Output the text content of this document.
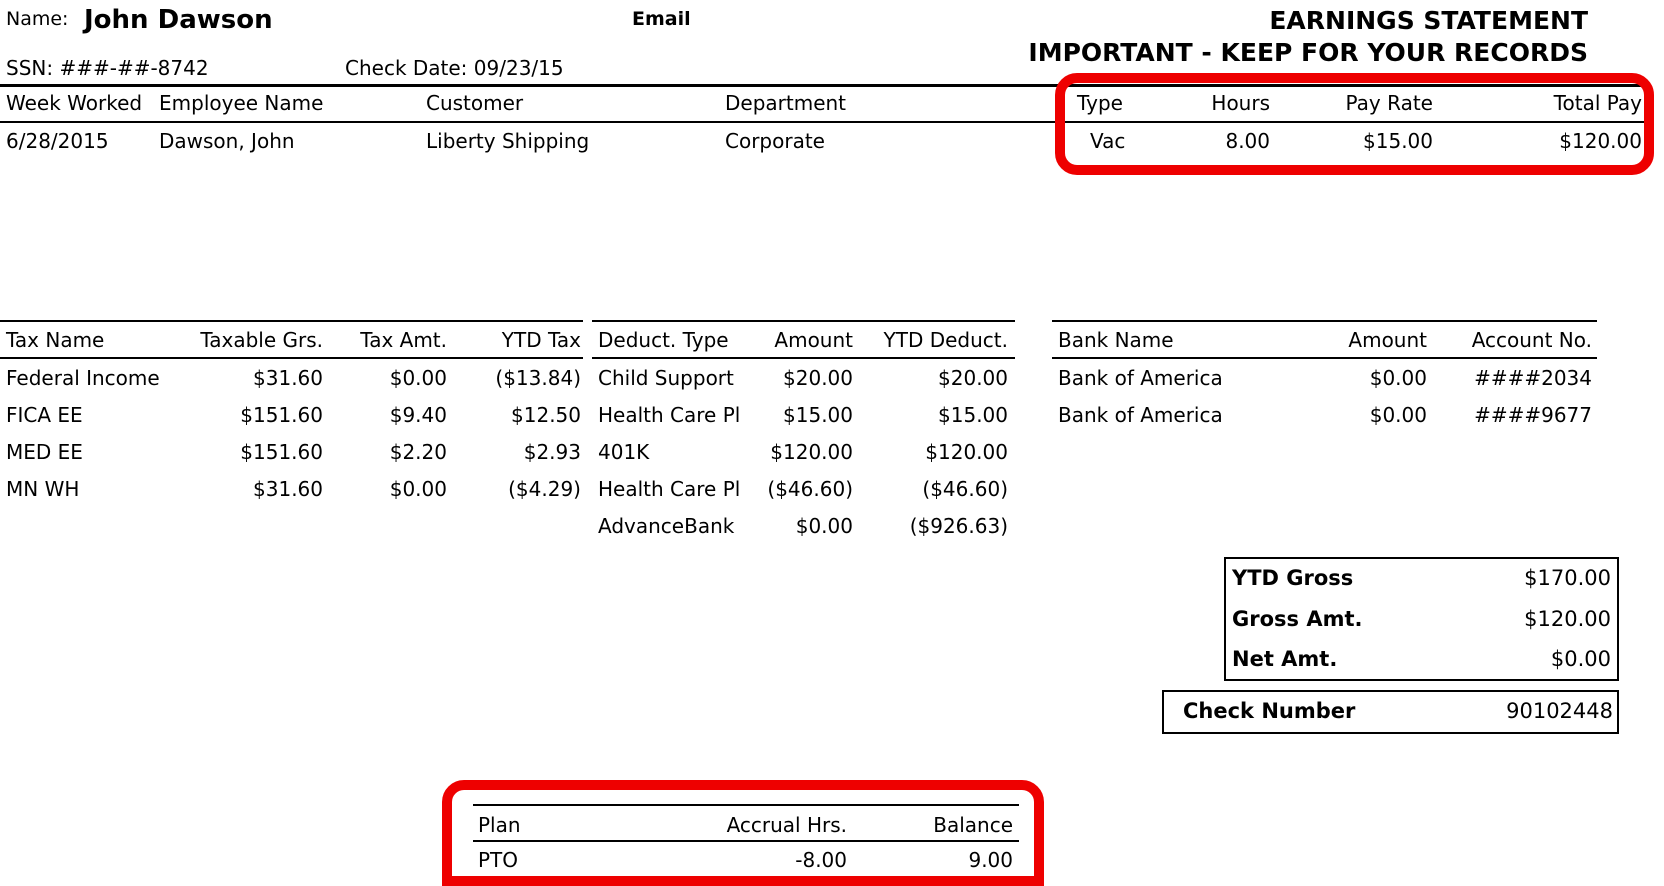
Name: John Dawson	Email	EARNINGS STATEMENT
IMPORTANT - KEEP FOR YOUR RECORDS
SSN: ###-##-8742	Check Date: 09/23/15
Week Worked Employee Name	Customer	Department
6/28/2015	Dawson, John	Liberty Shipping	Corporate
Type	Hours	Pay Rate	Total Pay
Vac	8.00	$15.00	$120.00
Tax Name	Taxable Grs. Tax Amt.	YTD Tax
Federal Income	$31.60	$0.00 ($13.84)
FICA EE	$151.60	$9.40	$12.50
MED EE	$151.60	$2.20	$2.93
MN WH	$31.60	$0.00	($4.29)
Deduct. Type Amount YTD Deduct.
Child Support $20.00	$20.00
Health Care Pl $15.00	$15.00
401K	$120.00	$120.00
Health Care Pl ($46.60)	($46.60)
AdvanceBank	$0.00	($926.63)
Bank Name	Amount Account No.
Bank of America	$0.00 ####2034
Bank of America	$0.00 ####9677
YTD Gross	$170.00
Gross Amt.	$120.00
Net Amt.	$0.00
Check Number	90102448
Plan	Accrual Hrs.	Balance
PTO	-8.00	9.00
